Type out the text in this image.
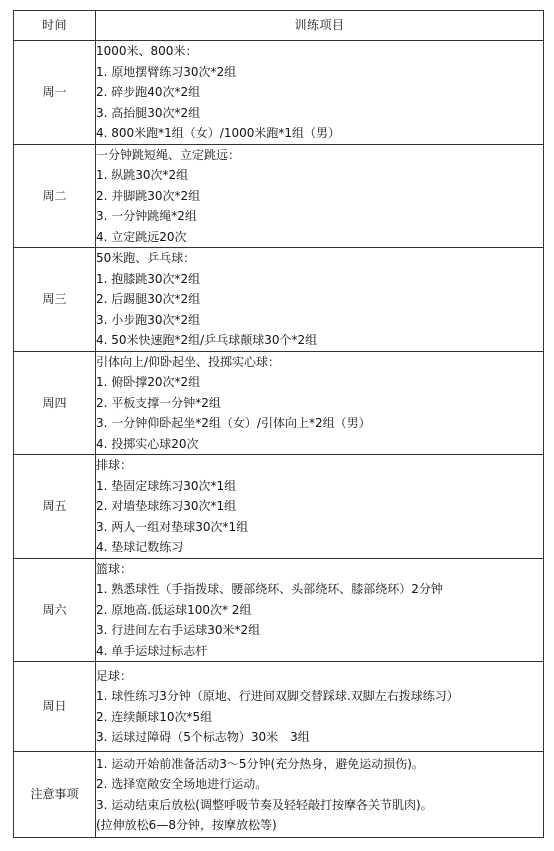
时间	训练项目
周一	1000米、800米：
1. 原地摆臂练习30次*2组
2. 碎步跑40次*2组
3. 高抬腿30次*2组
4. 800米跑*1组（女）/1000米跑*1组（男）

周二	一分钟跳短绳、立定跳远：
1. 纵跳30次*2组
2. 并脚跳30次*2组
3. 一分钟跳绳*2组
4. 立定跳远20次

周三	50米跑、乒乓球：
1. 抱膝跳30次*2组
2. 后踢腿30次*2组
3. 小步跑30次*2组
4. 50米快速跑*2组/乒乓球颠球30个*2组

周四	引体向上/仰卧起坐、投掷实心球：
1. 俯卧撑20次*2组
2. 平板支撑一分钟*2组
3. 一分钟仰卧起坐*2组（女）/引体向上*2组（男）
4. 投掷实心球20次

周五	排球：
1. 垫固定球练习30次*1组
2. 对墙垫球练习30次*1组
3. 两人一组对垫球30次*1组
4. 垫球记数练习

周六	篮球：
1. 熟悉球性（手指拨球、腰部绕环、头部绕环、膝部绕环）2分钟
2. 原地高.低运球100次* 2组
3. 行进间左右手运球30米*2组
4. 单手运球过标志杆

周日	足球：
1. 球性练习3分钟（原地、行进间双脚交替踩球.双脚左右拨球练习）
2. 连续颠球10次*5组
3. 运球过障碍（5个标志物）30米　3组

注意事项	1. 运动开始前准备活动3～5分钟(充分热身，避免运动损伤)。
2. 选择宽敞安全场地进行运动。
3. 运动结束后放松(调整呼吸节奏及轻轻敲打按摩各关节肌肉)。
(拉伸放松6—8分钟，按摩放松等)
